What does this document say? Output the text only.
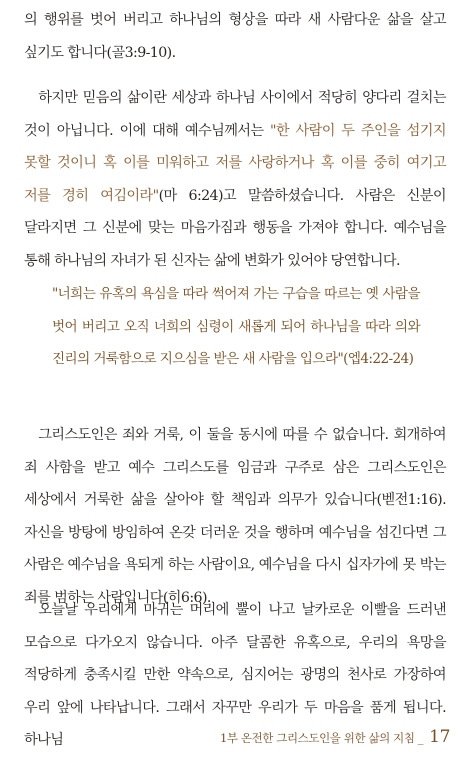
의 행위를 벗어 버리고 하나님의 형상을 따라 새 사람다운 삶을 살고 싶기도 합니다(골3:9-10).

하지만 믿음의 삶이란 세상과 하나님 사이에서 적당히 양다리 걸치는 것이 아닙니다. 이에 대해 예수님께서는 "한 사람이 두 주인을 섬기지 못할 것이니 혹 이를 미워하고 저를 사랑하거나 혹 이를 중히 여기고 저를 경히 여김이라"(마 6:24)고 말씀하셨습니다. 사람은 신분이 달라지면 그 신분에 맞는 마음가짐과 행동을 가져야 합니다. 예수님을 통해 하나님의 자녀가 된 신자는 삶에 변화가 있어야 당연합니다.

"너희는 유혹의 욕심을 따라 썩어져 가는 구습을 따르는 옛 사람을 벗어 버리고 오직 너희의 심령이 새롭게 되어 하나님을 따라 의와 진리의 거룩함으로 지으심을 받은 새 사람을 입으라"(엡4:22-24)

그리스도인은 죄와 거룩, 이 둘을 동시에 따를 수 없습니다. 회개하여 죄 사함을 받고 예수 그리스도를 임금과 구주로 삼은 그리스도인은 세상에서 거룩한 삶을 살아야 할 책임과 의무가 있습니다(벧전1:16). 자신을 방탕에 방임하여 온갖 더러운 것을 행하며 예수님을 섬긴다면 그 사람은 예수님을 욕되게 하는 사람이요, 예수님을 다시 십자가에 못 박는 죄를 범하는 사람입니다(히6:6).

오늘날 우리에게 마귀는 머리에 뿔이 나고 날카로운 이빨을 드러낸 모습으로 다가오지 않습니다. 아주 달콤한 유혹으로, 우리의 욕망을 적당하게 충족시킬 만한 약속으로, 심지어는 광명의 천사로 가장하여 우리 앞에 나타납니다. 그래서 자꾸만 우리가 두 마음을 품게 됩니다. 하나님	1부 온전한 그리스도인을 위한 삶의 지침 _ 17
